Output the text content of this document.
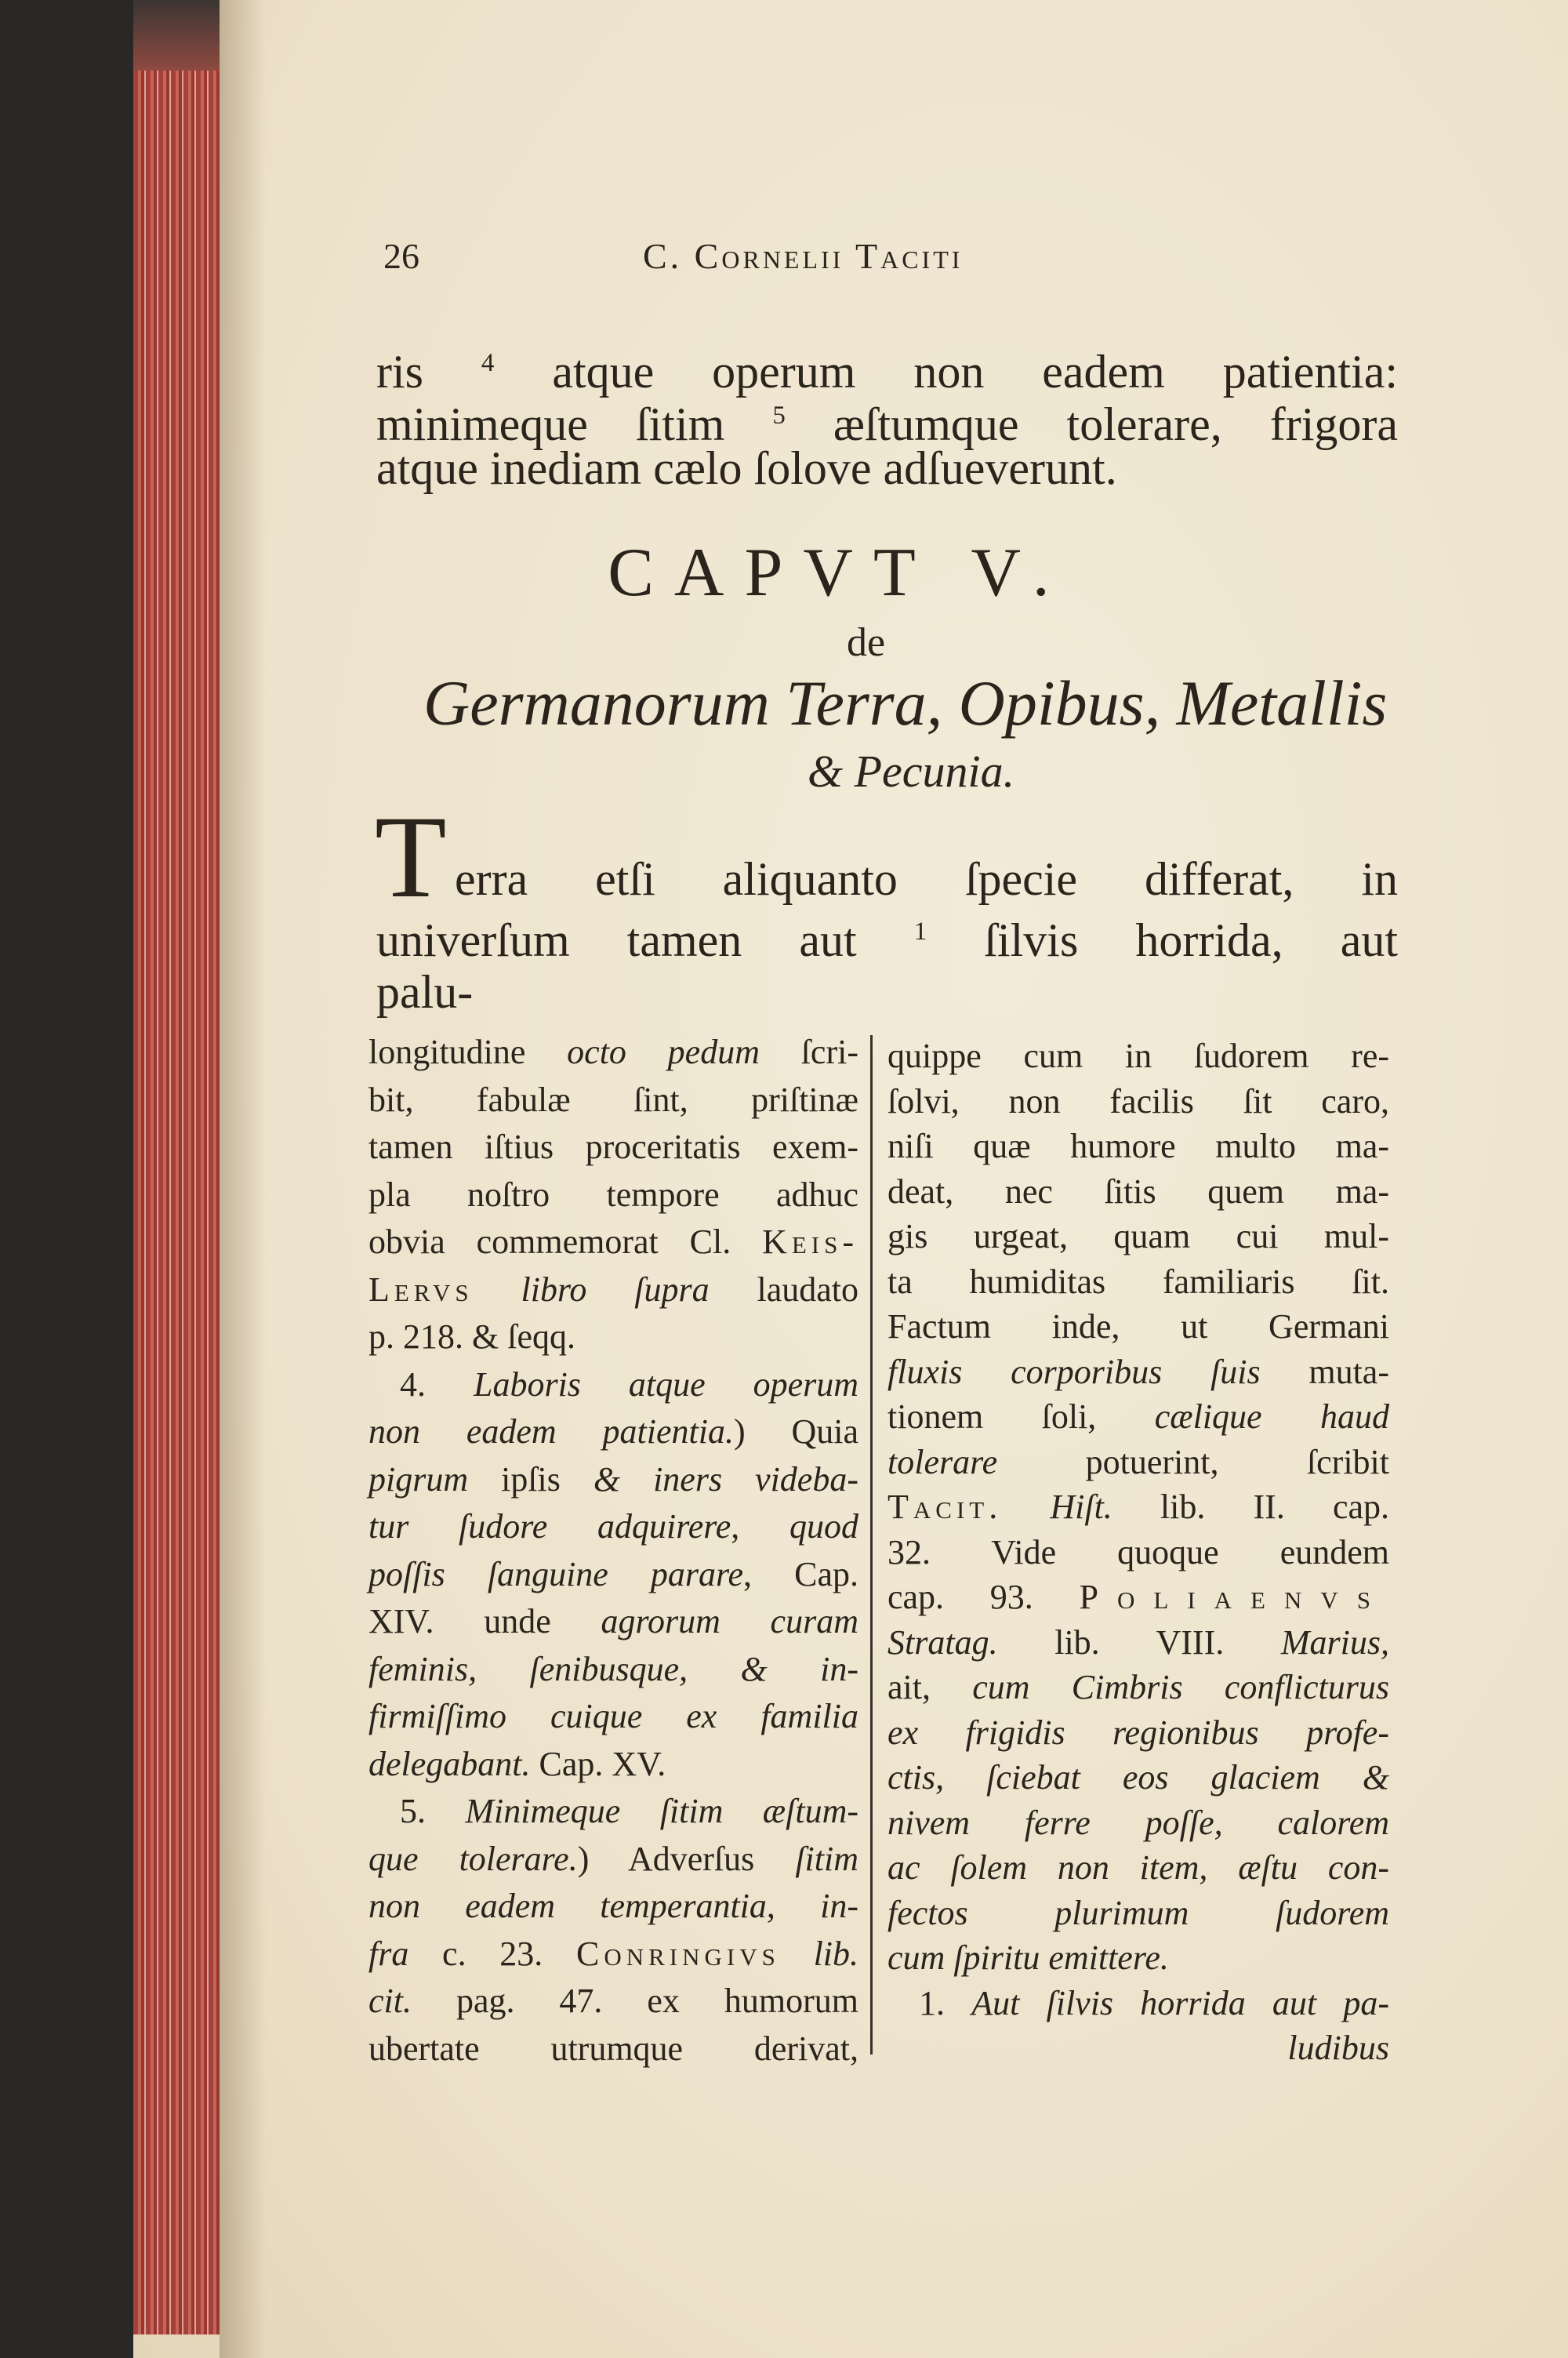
26	C. Cornelii Taciti
ris $^4$ atque operum non eadem patientia:
minimeque ſitim $^5$ æſtumque tolerare, frigora
atque inediam cælo ſolove adſueverunt.
CAPVT V.
de
Germanorum Terra, Opibus, Metallis
& Pecunia.
T erra etſi aliquanto ſpecie differat, in
univerſum tamen aut $^1$ ſilvis horrida, aut
palu-
longitudine octo pedum ſcri-
bit, fabulæ ſint, priſtinæ
tamen iſtius proceritatis exem-
pla noſtro tempore adhuc
obvia commemorat Cl. Keis-
Lervs libro ſupra laudato
p. 218. & ſeqq.
4. Laboris atque operum
non eadem patientia.) Quia
pigrum ipſis & iners videba-
tur ſudore adquirere, quod
poſſis ſanguine parare, Cap.
XIV. unde agrorum curam
feminis, ſenibusque, & in-
firmiſſimo cuique ex familia
delegabant. Cap. XV.
5. Minimeque ſitim æſtum-
que tolerare.) Adverſus ſitim
non eadem temperantia, in-
fra c. 23. Conringivs lib.
cit. pag. 47. ex humorum
ubertate utrumque derivat,
quippe cum in ſudorem re-
ſolvi, non facilis ſit caro,
niſi quæ humore multo ma-
deat, nec ſitis quem ma-
gis urgeat, quam cui mul-
ta humiditas familiaris ſit.
Factum inde, ut Germani
fluxis corporibus ſuis muta-
tionem ſoli, cælique haud
tolerare potuerint, ſcribit
Tacit. Hiſt. lib. II. cap.
32. Vide quoque eundem
cap. 93. Poliaenvs
Stratag. lib. VIII. Marius,
ait, cum Cimbris conflicturus
ex frigidis regionibus profe-
ctis, ſciebat eos glaciem &
nivem ferre poſſe, calorem
ac ſolem non item, æſtu con-
fectos plurimum ſudorem
cum ſpiritu emittere.
1. Aut ſilvis horrida aut pa-
ludibus
